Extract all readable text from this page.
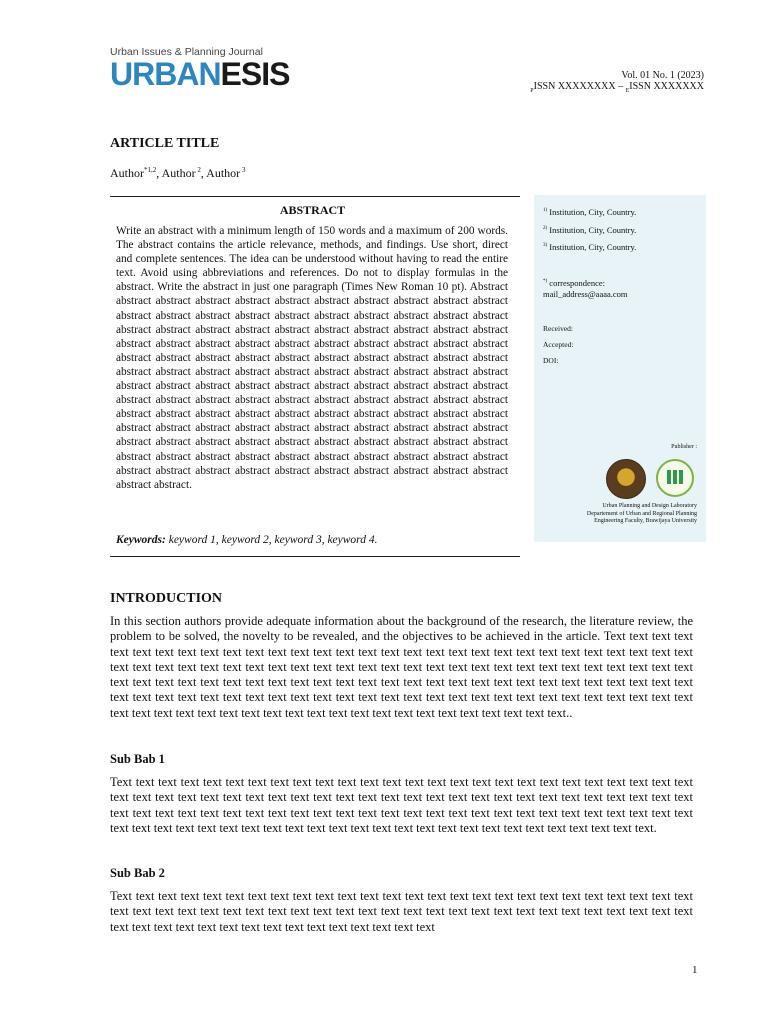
Urban Issues & Planning Journal
URBANESIS	Vol. 01 No. 1 (2023)
$_P$ISSN XXXXXXXX – $_E$ISSN XXXXXXX
ARTICLE TITLE
Author$^{*1,2}$, Author $^2$, Author $^3$
ABSTRACT

Write an abstract with a minimum length of 150 words and a maximum of 200 words. The abstract contains the article relevance, methods, and findings. Use short, direct and complete sentences. The idea can be understood without having to read the entire text. Avoid using abbreviations and references. Do not to display formulas in the abstract. Write the abstract in just one paragraph (Times New Roman 10 pt). Abstract abstract abstract abstract abstract abstract abstract abstract abstract abstract abstract abstract abstract abstract abstract abstract abstract abstract abstract abstract abstract abstract abstract abstract abstract abstract abstract abstract abstract abstract abstract abstract abstract abstract abstract abstract abstract abstract abstract abstract abstract abstract abstract abstract abstract abstract abstract abstract abstract abstract abstract abstract abstract abstract abstract abstract abstract abstract abstract abstract abstract abstract abstract abstract abstract abstract abstract abstract abstract abstract abstract abstract abstract abstract abstract abstract abstract abstract abstract abstract abstract abstract abstract abstract abstract abstract abstract abstract abstract abstract abstract abstract abstract abstract abstract abstract abstract abstract abstract abstract abstract abstract abstract abstract abstract abstract abstract abstract abstract abstract abstract abstract abstract abstract abstract abstract abstract abstract abstract abstract abstract abstract abstract abstract abstract abstract abstract abstract abstract abstract abstract abstract abstract.

Keywords: keyword 1, keyword 2, keyword 3, keyword 4.
$^{1)}$ Institution, City, Country.
$^{2)}$ Institution, City, Country.
$^{3)}$ Institution, City, Country.
*) correspondence:
mail_address@aaaa.com
Received:
Accepted:
DOI:
Publisher :
Urban Planning and Design Laboratory
Departement of Urban and Regional Planning
Engineering Faculty, Brawijaya University
INTRODUCTION

In this section authors provide adequate information about the background of the research, the literature review, the problem to be solved, the novelty to be revealed, and the objectives to be achieved in the article. Text text text text text text text text text text text text text text text text text text text text text text text text text text text text text text text text text text text text text text text text text text text text text text text text text text text text text text text text text text text text text text text text text text text text text text text text text text text text text text text text text text text text text text text text text text text text text text text text text text text text text text text text text text text text text text text text text text text text text text text text text text text text text text text text text..

Sub Bab 1

Text text text text text text text text text text text text text text text text text text text text text text text text text text text text text text text text text text text text text text text text text text text text text text text text text text text text text text text text text text text text text text text text text text text text text text text text text text text text text text text text text text text text text text text text text text text text text text text text text text text text text text text.

Sub Bab 2

Text text text text text text text text text text text text text text text text text text text text text text text text text text text text text text text text text text text text text text text text text text text text text text text text text text text text text text text text text text text text text text text text text text text

1
